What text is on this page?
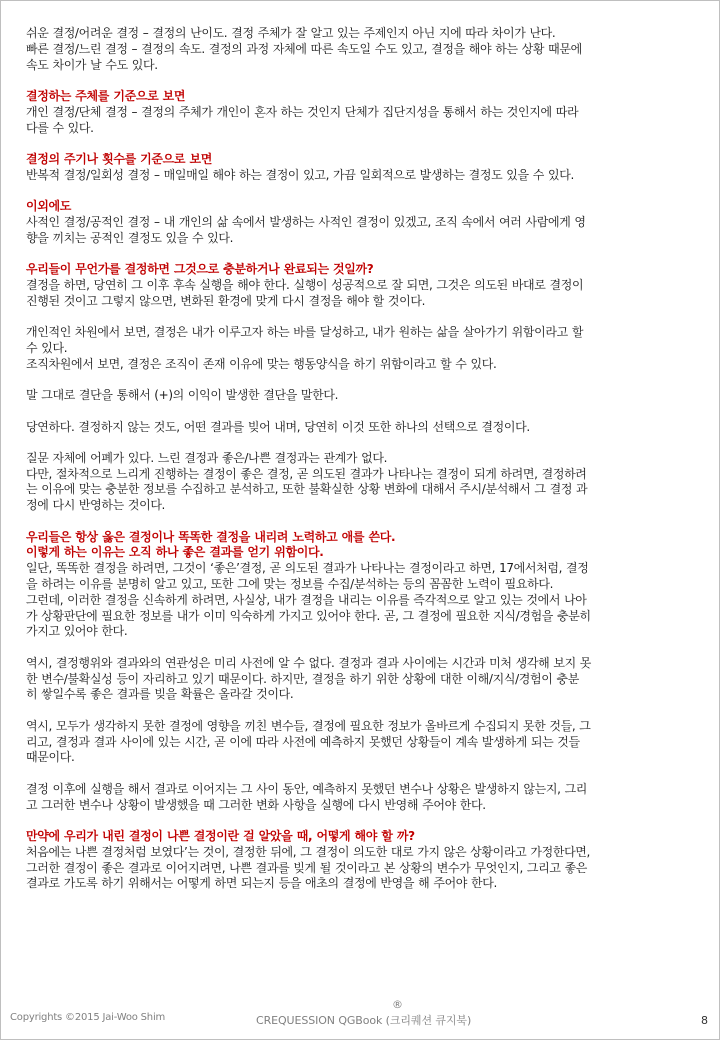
쉬운 결정/어려운 결정 – 결정의 난이도. 결정 주체가 잘 알고 있는 주제인지 아닌 지에 따라 차이가 난다.
빠른 결정/느린 결정 – 결정의 속도. 결정의 과정 자체에 따른 속도일 수도 있고, 결정을 해야 하는 상황 때문에
속도 차이가 날 수도 있다.
결정하는 주체를 기준으로 보면
개인 결정/단체 결정 – 결정의 주체가 개인이 혼자 하는 것인지 단체가 집단지성을 통해서 하는 것인지에 따라
다를 수 있다.
결정의 주기나 횟수를 기준으로 보면
반복적 결정/일회성 결정 – 매일매일 해야 하는 결정이 있고, 가끔 일회적으로 발생하는 결정도 있을 수 있다.
이외에도
사적인 결정/공적인 결정 – 내 개인의 삶 속에서 발생하는 사적인 결정이 있겠고, 조직 속에서 여러 사람에게 영
향을 끼치는 공적인 결정도 있을 수 있다.
우리들이 무언가를 결정하면 그것으로 충분하거나 완료되는 것일까?
결정을 하면, 당연히 그 이후 후속 실행을 해야 한다. 실행이 성공적으로 잘 되면, 그것은 의도된 바대로 결정이
진행된 것이고 그렇지 않으면, 변화된 환경에 맞게 다시 결정을 해야 할 것이다.
개인적인 차원에서 보면, 결정은 내가 이루고자 하는 바를 달성하고, 내가 원하는 삶을 살아가기 위함이라고 할
수 있다.
조직차원에서 보면, 결정은 조직이 존재 이유에 맞는 행동양식을 하기 위함이라고 할 수 있다.
말 그대로 결단을 통해서 (+)의 이익이 발생한 결단을 말한다.
당연하다. 결정하지 않는 것도, 어떤 결과를 빚어 내며, 당연히 이것 또한 하나의 선택으로 결정이다.
질문 자체에 어폐가 있다. 느린 결정과 좋은/나쁜 결정과는 관계가 없다.
다만, 절차적으로 느리게 진행하는 결정이 좋은 결정, 곧 의도된 결과가 나타나는 결정이 되게 하려면, 결정하려
는 이유에 맞는 충분한 정보를 수집하고 분석하고, 또한 불확실한 상황 변화에 대해서 주시/분석해서 그 결정 과
정에 다시 반영하는 것이다.
우리들은 항상 옳은 결정이나 똑똑한 결정을 내리려 노력하고 애를 쓴다.
이렇게 하는 이유는 오직 하나 좋은 결과를 얻기 위함이다.
일단, 똑똑한 결정을 하려면, 그것이 ‘좋은’결정, 곧 의도된 결과가 나타나는 결정이라고 하면, 17에서처럼, 결정
을 하려는 이유를 분명히 알고 있고, 또한 그에 맞는 정보를 수집/분석하는 등의 꼼꼼한 노력이 필요하다.
그런데, 이러한 결정을 신속하게 하려면, 사실상, 내가 결정을 내리는 이유를 즉각적으로 알고 있는 것에서 나아
가 상황판단에 필요한 정보를 내가 이미 익숙하게 가지고 있어야 한다. 곧, 그 결정에 필요한 지식/경험을 충분히
가지고 있어야 한다.
역시, 결정행위와 결과와의 연관성은 미리 사전에 알 수 없다. 결정과 결과 사이에는 시간과 미처 생각해 보지 못
한 변수/불확실성 등이 자리하고 있기 때문이다. 하지만, 결정을 하기 위한 상황에 대한 이해/지식/경험이 충분
히 쌓일수록 좋은 결과를 빚을 확률은 올라갈 것이다.
역시, 모두가 생각하지 못한 결정에 영향을 끼친 변수들, 결정에 필요한 정보가 올바르게 수집되지 못한 것들, 그
리고, 결정과 결과 사이에 있는 시간, 곧 이에 따라 사전에 예측하지 못했던 상황들이 계속 발생하게 되는 것들
때문이다.
결정 이후에 실행을 해서 결과로 이어지는 그 사이 동안, 예측하지 못했던 변수나 상황은 발생하지 않는지, 그리
고 그러한 변수나 상황이 발생했을 때 그러한 변화 사항을 실행에 다시 반영해 주어야 한다.
만약에 우리가 내린 결정이 나쁜 결정이란 걸 알았을 때, 어떻게 해야 할 까?
처음에는 나쁜 결정처럼 보였다’는 것이, 결정한 뒤에, 그 결정이 의도한 대로 가지 않은 상황이라고 가정한다면,
그러한 결정이 좋은 결과로 이어지려면, 나쁜 결과를 빚게 될 것이라고 본 상황의 변수가 무엇인지, 그리고 좋은
결과로 가도록 하기 위해서는 어떻게 하면 되는지 등을 애초의 결정에 반영을 해 주어야 한다.
Copyrights ©2015 Jai-Woo Shim
®
CREQUESSION QGBook (크리퀘션 큐지북)	8
